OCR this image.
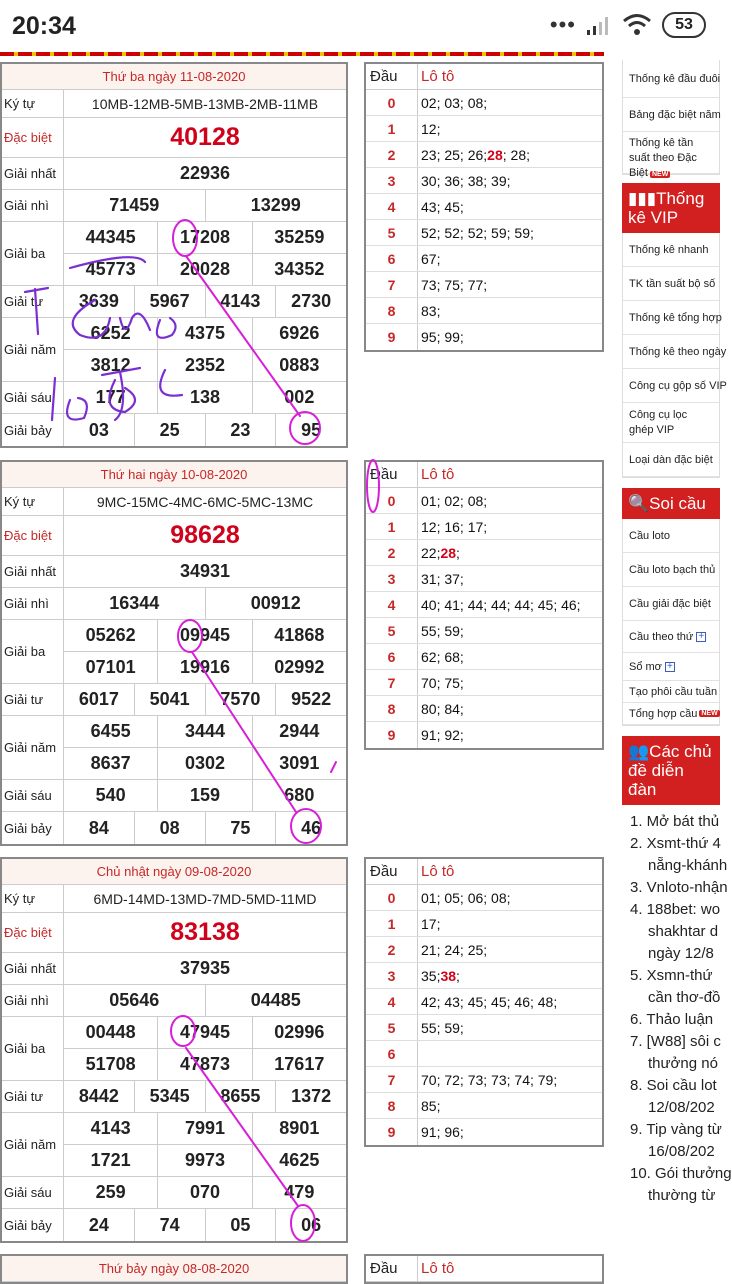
20:34	•••	53
Thứ ba ngày 11-08-2020
Ký tự	10MB-12MB-5MB-13MB-2MB-11MB
Đặc biệt	40128
Giải nhất	22936
Giải nhì	71459	13299
Giải ba
44345	17208	35259
45773	20028	34352
Giải tư	3639	5967	4143	2730
Giải năm
6252	4375	6926
3812	2352	0883
Giải sáu	177	138	002
Giải bảy	03	25	23	95
Thứ hai ngày 10-08-2020
Ký tự	9MC-15MC-4MC-6MC-5MC-13MC
Đặc biệt	98628
Giải nhất	34931
Giải nhì	16344	00912
Giải ba
05262	09945	41868
07101	19916	02992
Giải tư	6017	5041	7570	9522
Giải năm
6455	3444	2944
8637	0302	3091
Giải sáu	540	159	680
Giải bảy	84	08	75	46
Chủ nhật ngày 09-08-2020
Ký tự	6MD-14MD-13MD-7MD-5MD-11MD
Đặc biệt	83138
Giải nhất	37935
Giải nhì	05646	04485
Giải ba
00448	47945	02996
51708	47873	17617
Giải tư	8442	5345	8655	1372
Giải năm
4143	7991	8901
1721	9973	4625
Giải sáu	259	070	479
Giải bảy	24	74	05	06
Thứ bảy ngày 08-08-2020
Đầu	Lô tô
0	02; 03; 08;
1	12;
2	23; 25; 26; 28 ; 28;
3	30; 36; 38; 39;
4	43; 45;
5	52; 52; 52; 59; 59;
6	67;
7	73; 75; 77;
8	83;
9	95; 99;
Đầu	Lô tô
0	01; 02; 08;
1	12; 16; 17;
2	22; 28 ;
3	31; 37;
4	40; 41; 44; 44; 44; 45; 46;
5	55; 59;
6	62; 68;
7	70; 75;
8	80; 84;
9	91; 92;
Đầu	Lô tô
0	01; 05; 06; 08;
1	17;
2	21; 24; 25;
3	35; 38 ;
4	42; 43; 45; 45; 46; 48;
5	55; 59;
6
7	70; 72; 73; 73; 74; 79;
8	85;
9	91; 96;
Đầu	Lô tô
Thống kê đầu đuôi
Bảng đặc biệt năm
Thống kê tần suất theo Đặc Biệt NEW
▮▮▮Thống kê VIP
Thống kê nhanh
TK tần suất bộ số
Thống kê tổng hợp
Thống kê theo ngày
Công cụ gộp số VIP
Công cụ lọc ghép VIP
Loại dàn đặc biệt
🔍Soi cầu
Cầu loto
Cầu loto bạch thủ
Cầu giải đặc biệt
Cầu theo thứ +
Sổ mơ +
Tạo phôi cầu tuần
Tổng hợp cầu NEW
👥Các chủ đề diễn đàn
1. Mở bát thủ
2. Xsmt-thứ 4
nẵng-khánh
3. Vnloto-nhận
4. 188bet: wo
shakhtar d
ngày 12/8
5. Xsmn-thứ
cần thơ-đồ
6. Thảo luận
7. [W88] sôi c
thưởng nó
8. Soi cầu lot
12/08/202
9. Tip vàng từ
16/08/202
10. Gói thưởng
thường từ
